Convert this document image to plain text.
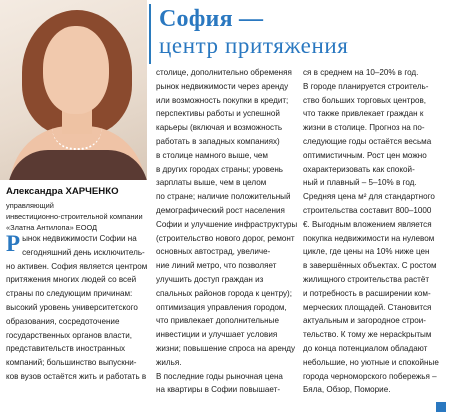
Александра ХАРЧЕНКО

управляющий

инвестиционно-строительной компании

«Златна Антилопа» ЕООД

София —
центр притяжения
Р ынок недвижимости Софии на
сегодняшний день исключитель-
но активен. София является центром
притяжения многих людей со всей
страны по следующим причинам:
высокий уровень университетского
образования, сосредоточение
государственных органов власти,
представительств иностранных
компаний; большинство выпускни-
ков вузов остаётся жить и работать в
столице, дополнительно обременяя
рынок недвижимости через аренду
или возможность покупки в кредит;
перспективы работы и успешной
карьеры (включая и возможность
работать в западных компаниях)
в столице намного выше, чем
в других городах страны; уровень
зарплаты выше, чем в целом
по стране; наличие положительный
демографический рост населения
Софии и улучшение инфраструктуры
(строительство нового дорог, ремонт
основных автострад, увеличе-
ние линий метро, что позволяет
улучшить доступ граждан из
спальных районов города к центру);
оптимизация управления городом,
что привлекает дополнительные
инвестиции и улучшает условия
жизни; повышение спроса на аренду
жилья.
В последние годы рыночная цена
на квартиры в Софии повышает-
ся в среднем на 10–20% в год.
В городе планируется строитель-
ство больших торговых центров,
что также привлекает граждан к
жизни в столице. Прогноз на по-
следующие годы остаётся весьма
оптимистичным. Рост цен можно
охарактеризовать как спокой-
ный и плавный – 5–10% в год.
Средняя цена м² для стандартного
строительства составит 800–1000
€. Выгодным вложением является
покупка недвижимости на нулевом
цикле, где цены на 10% ниже цен
в завершённых объектах. С ростом
жилищного строительства растёт
и потребность в расширении ком-
мерческих площадей. Становится
актуальным и загородное строи-
тельство. К тому же нерасkрытым
до конца потенциалом обладают
небольшие, но уютные и спокойные
города черноморского побережья –
Бяла, Обзор, Поморие.
